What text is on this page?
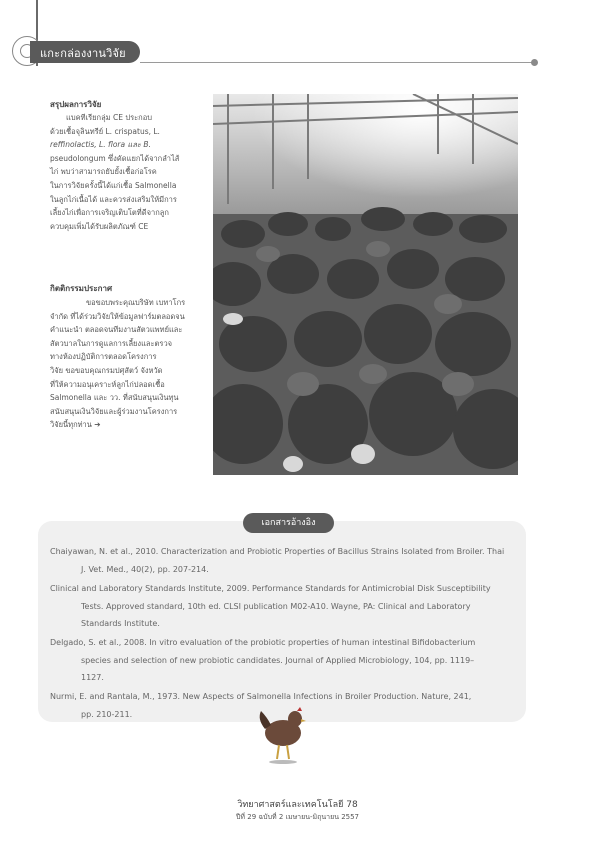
แกะกล่องงานวิจัย
สรุปผลการวิจัย
แบคทีเรียกลุ่ม CE ประกอบ
ด้วยเชื้อจุลินทรีย์ L. crispatus, L.
reffinolactis, L. flora และ B.
pseudolongum ซึ่งคัดแยกได้จากลำไส้
ไก่ พบว่าสามารถยับยั้งเชื้อก่อโรค
ในการวิจัยครั้งนี้ได้แก่เชื้อ Salmonella
ในลูกไก่เนื้อได้ และควรส่งเสริมให้มีการ
เลี้ยงไก่เพื่อการเจริญเติบโตที่ดีจากลูก
ควบคุมเพิ่มได้รับผลิตภัณฑ์ CE
กิตติกรรมประกาศ
ขอขอบพระคุณบริษัท เบทาโกร
จำกัด ที่ได้ร่วมวิจัยให้ข้อมูลฟาร์มตลอดจน
คำแนะนำ ตลอดจนทีมงานสัตวแพทย์และ
สัตวบาลในการดูแลการเลี้ยงและตรวจ
ทางห้องปฏิบัติการตลอดโครงการ
วิจัย ขอขอบคุณกรมปศุสัตว์ จังหวัด
ที่ให้ความอนุเคราะห์ลูกไก่ปลอดเชื้อ
Salmonella และ วว. ที่สนับสนุนเงินทุน
สนับสนุนเงินวิจัยและผู้ร่วมงานโครงการ
วิจัยนี้ทุกท่าน ➔
เอกสารอ้างอิง
Chaiyawan, N. et al., 2010. Characterization and Probiotic Properties of Bacillus Strains Isolated from Broiler. Thai
J. Vet. Med., 40(2), pp. 207-214.
Clinical and Laboratory Standards Institute, 2009. Performance Standards for Antimicrobial Disk Susceptibility
Tests. Approved standard, 10th ed. CLSI publication M02-A10. Wayne, PA: Clinical and Laboratory
Standards Institute.
Delgado, S. et al., 2008. In vitro evaluation of the probiotic properties of human intestinal Bifidobacterium
species and selection of new probiotic candidates. Journal of Applied Microbiology, 104, pp. 1119–
1127.
Nurmi, E. and Rantala, M., 1973. New Aspects of Salmonella Infections in Broiler Production. Nature, 241,
pp. 210-211.
วิทยาศาสตร์และเทคโนโลยี 78
ปีที่ 29 ฉบับที่ 2 เมษายน-มิถุนายน 2557
